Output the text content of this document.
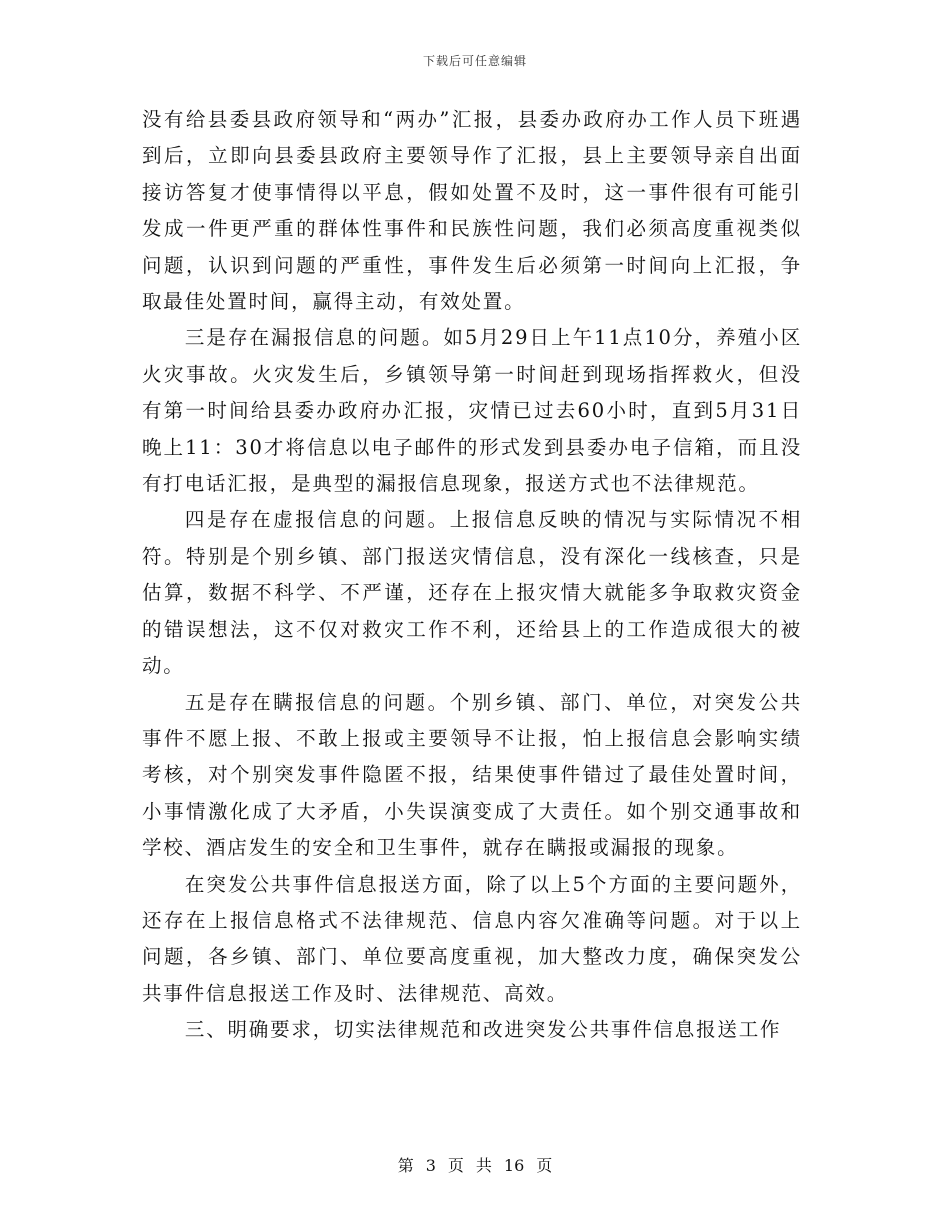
下载后可任意编辑

没有给县委县政府领导和“两办”汇报，县委办政府办工作人员下班遇到后，立即向县委县政府主要领导作了汇报，县上主要领导亲自出面接访答复才使事情得以平息，假如处置不及时，这一事件很有可能引发成一件更严重的群体性事件和民族性问题，我们必须高度重视类似问题，认识到问题的严重性，事件发生后必须第一时间向上汇报，争取最佳处置时间，赢得主动，有效处置。

三是存在漏报信息的问题。如5月29日上午11点10分，养殖小区火灾事故。火灾发生后，乡镇领导第一时间赶到现场指挥救火，但没有第一时间给县委办政府办汇报，灾情已过去60小时，直到5月31日晚上11：30才将信息以电子邮件的形式发到县委办电子信箱，而且没有打电话汇报，是典型的漏报信息现象，报送方式也不法律规范。

四是存在虚报信息的问题。上报信息反映的情况与实际情况不相符。特别是个别乡镇、部门报送灾情信息，没有深化一线核查，只是估算，数据不科学、不严谨，还存在上报灾情大就能多争取救灾资金的错误想法，这不仅对救灾工作不利，还给县上的工作造成很大的被动。

五是存在瞒报信息的问题。个别乡镇、部门、单位，对突发公共事件不愿上报、不敢上报或主要领导不让报，怕上报信息会影响实绩考核，对个别突发事件隐匿不报，结果使事件错过了最佳处置时间，小事情激化成了大矛盾，小失误演变成了大责任。如个别交通事故和学校、酒店发生的安全和卫生事件，就存在瞒报或漏报的现象。

在突发公共事件信息报送方面，除了以上5个方面的主要问题外，还存在上报信息格式不法律规范、信息内容欠准确等问题。对于以上问题，各乡镇、部门、单位要高度重视，加大整改力度，确保突发公共事件信息报送工作及时、法律规范、高效。

三、明确要求，切实法律规范和改进突发公共事件信息报送工作

第 3 页 共 16 页
